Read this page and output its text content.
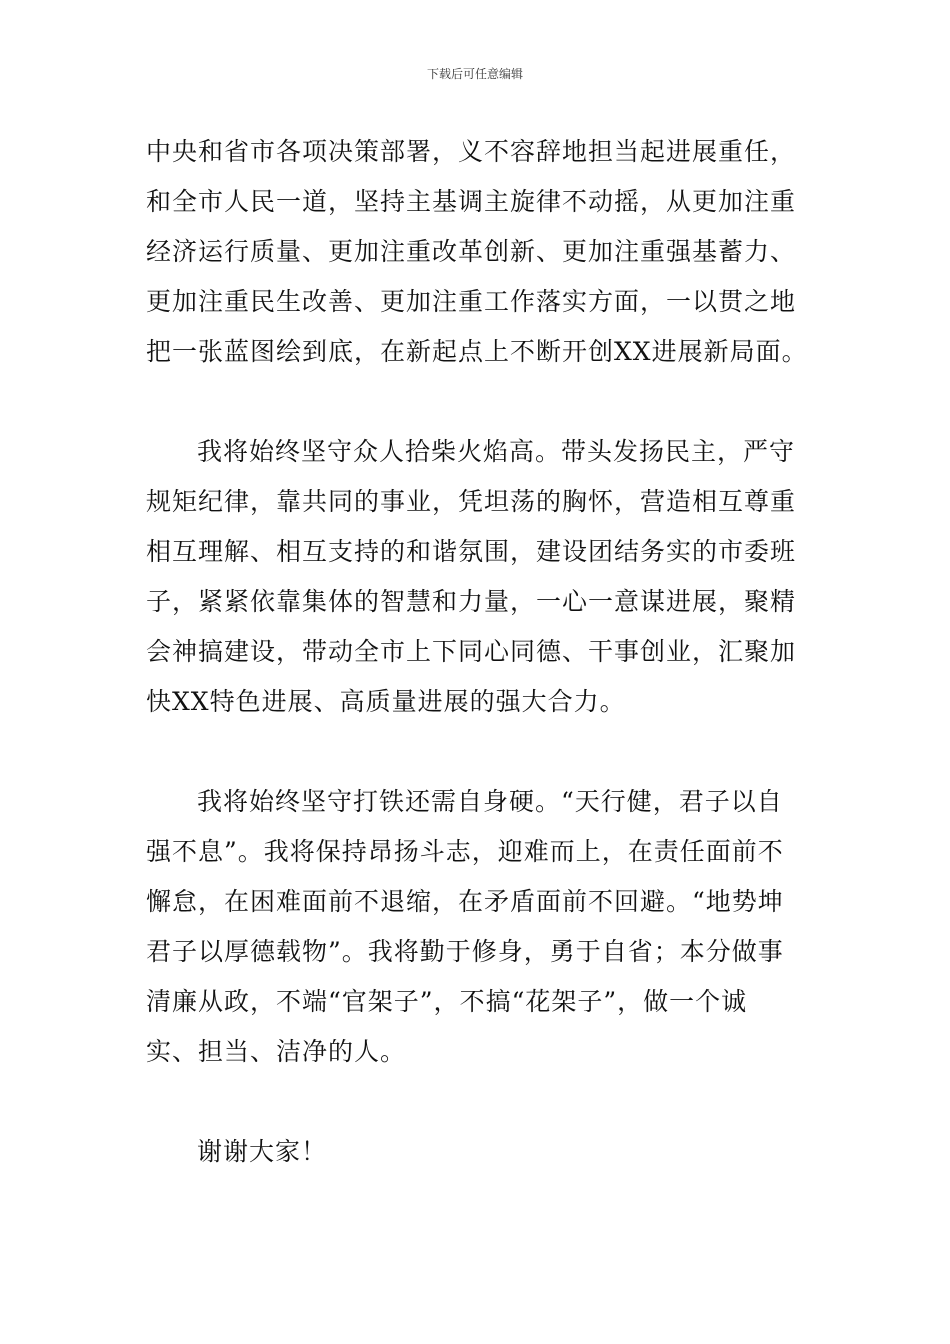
下载后可任意编辑
中央和省市各项决策部署，义不容辞地担当起进展重任，
和全市人民一道，坚持主基调主旋律不动摇，从更加注重
经济运行质量、更加注重改革创新、更加注重强基蓄力、
更加注重民生改善、更加注重工作落实方面，一以贯之地
把一张蓝图绘到底，在新起点上不断开创XX进展新局面。
我将始终坚守众人拾柴火焰高。带头发扬民主，严守
规矩纪律，靠共同的事业，凭坦荡的胸怀，营造相互尊重
相互理解、相互支持的和谐氛围，建设团结务实的市委班
子，紧紧依靠集体的智慧和力量，一心一意谋进展，聚精
会神搞建设，带动全市上下同心同德、干事创业，汇聚加
快XX特色进展、高质量进展的强大合力。
我将始终坚守打铁还需自身硬。“天行健，君子以自
强不息”。我将保持昂扬斗志，迎难而上，在责任面前不
懈怠，在困难面前不退缩，在矛盾面前不回避。“地势坤
君子以厚德载物”。我将勤于修身，勇于自省；本分做事
清廉从政，不端“官架子”，不搞“花架子”，做一个诚
实、担当、洁净的人。
谢谢大家！
